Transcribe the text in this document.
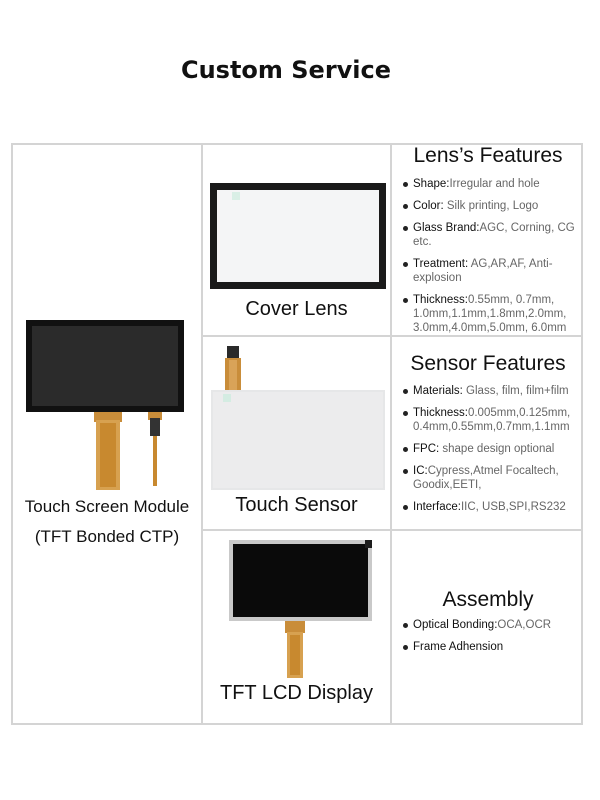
Custom Service
Touch Screen Module
(TFT Bonded CTP)
Cover Lens
Touch Sensor
TFT LCD Display
Lens’s Features
Shape:Irregular and hole
Color: Silk printing, Logo
Glass Brand:AGC, Corning, CG etc.
Treatment: AG,AR,AF, Anti-explosion
Thickness:0.55mm, 0.7mm, 1.0mm,1.1mm,1.8mm,2.0mm, 3.0mm,4.0mm,5.0mm, 6.0mm
Sensor Features
Materials: Glass, film, film+film
Thickness:0.005mm,0.125mm, 0.4mm,0.55mm,0.7mm,1.1mm
FPC: shape design optional
IC:Cypress,Atmel Focaltech, Goodix,EETI,
Interface:IIC, USB,SPI,RS232
Assembly
Optical Bonding:OCA,OCR
Frame Adhension
